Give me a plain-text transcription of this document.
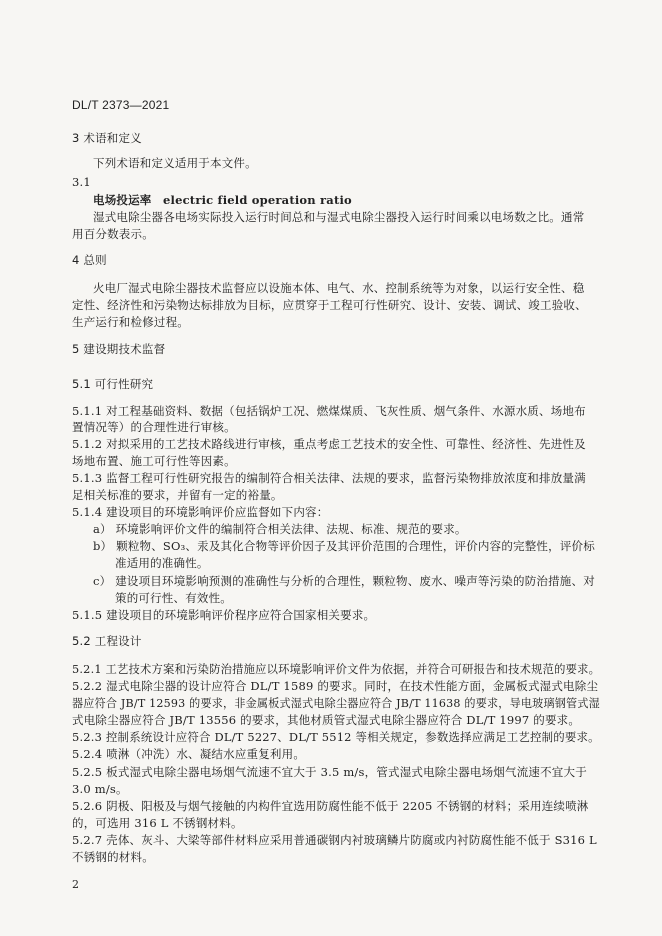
DL/T 2373—2021
3 术语和定义
下列术语和定义适用于本文件。
3.1
电场投运率 electric field operation ratio
湿式电除尘器各电场实际投入运行时间总和与湿式电除尘器投入运行时间乘以电场数之比。通常
用百分数表示。
4 总则
火电厂湿式电除尘器技术监督应以设施本体、电气、水、控制系统等为对象，以运行安全性、稳
定性、经济性和污染物达标排放为目标，应贯穿于工程可行性研究、设计、安装、调试、竣工验收、
生产运行和检修过程。
5 建设期技术监督
5.1 可行性研究
5.1.1 对工程基础资料、数据（包括锅炉工况、燃煤煤质、飞灰性质、烟气条件、水源水质、场地布
置情况等）的合理性进行审核。
5.1.2 对拟采用的工艺技术路线进行审核，重点考虑工艺技术的安全性、可靠性、经济性、先进性及
场地布置、施工可行性等因素。
5.1.3 监督工程可行性研究报告的编制符合相关法律、法规的要求，监督污染物排放浓度和排放量满
足相关标准的要求，并留有一定的裕量。
5.1.4 建设项目的环境影响评价应监督如下内容：
a） 环境影响评价文件的编制符合相关法律、法规、标准、规范的要求。
b） 颗粒物、SO₃、汞及其化合物等评价因子及其评价范围的合理性，评价内容的完整性，评价标
准适用的准确性。
c） 建设项目环境影响预测的准确性与分析的合理性，颗粒物、废水、噪声等污染的防治措施、对
策的可行性、有效性。
5.1.5 建设项目的环境影响评价程序应符合国家相关要求。
5.2 工程设计
5.2.1 工艺技术方案和污染防治措施应以环境影响评价文件为依据，并符合可研报告和技术规范的要求。
5.2.2 湿式电除尘器的设计应符合 DL/T 1589 的要求。同时，在技术性能方面，金属板式湿式电除尘
器应符合 JB/T 12593 的要求，非金属板式湿式电除尘器应符合 JB/T 11638 的要求，导电玻璃钢管式湿
式电除尘器应符合 JB/T 13556 的要求，其他材质管式湿式电除尘器应符合 DL/T 1997 的要求。
5.2.3 控制系统设计应符合 DL/T 5227、DL/T 5512 等相关规定，参数选择应满足工艺控制的要求。
5.2.4 喷淋（冲洗）水、凝结水应重复利用。
5.2.5 板式湿式电除尘器电场烟气流速不宜大于 3.5 m/s，管式湿式电除尘器电场烟气流速不宜大于
3.0 m/s。
5.2.6 阴极、阳极及与烟气接触的内构件宜选用防腐性能不低于 2205 不锈钢的材料；采用连续喷淋
的，可选用 316 L 不锈钢材料。
5.2.7 壳体、灰斗、大梁等部件材料应采用普通碳钢内衬玻璃鳞片防腐或内衬防腐性能不低于 S316 L
不锈钢的材料。
2
